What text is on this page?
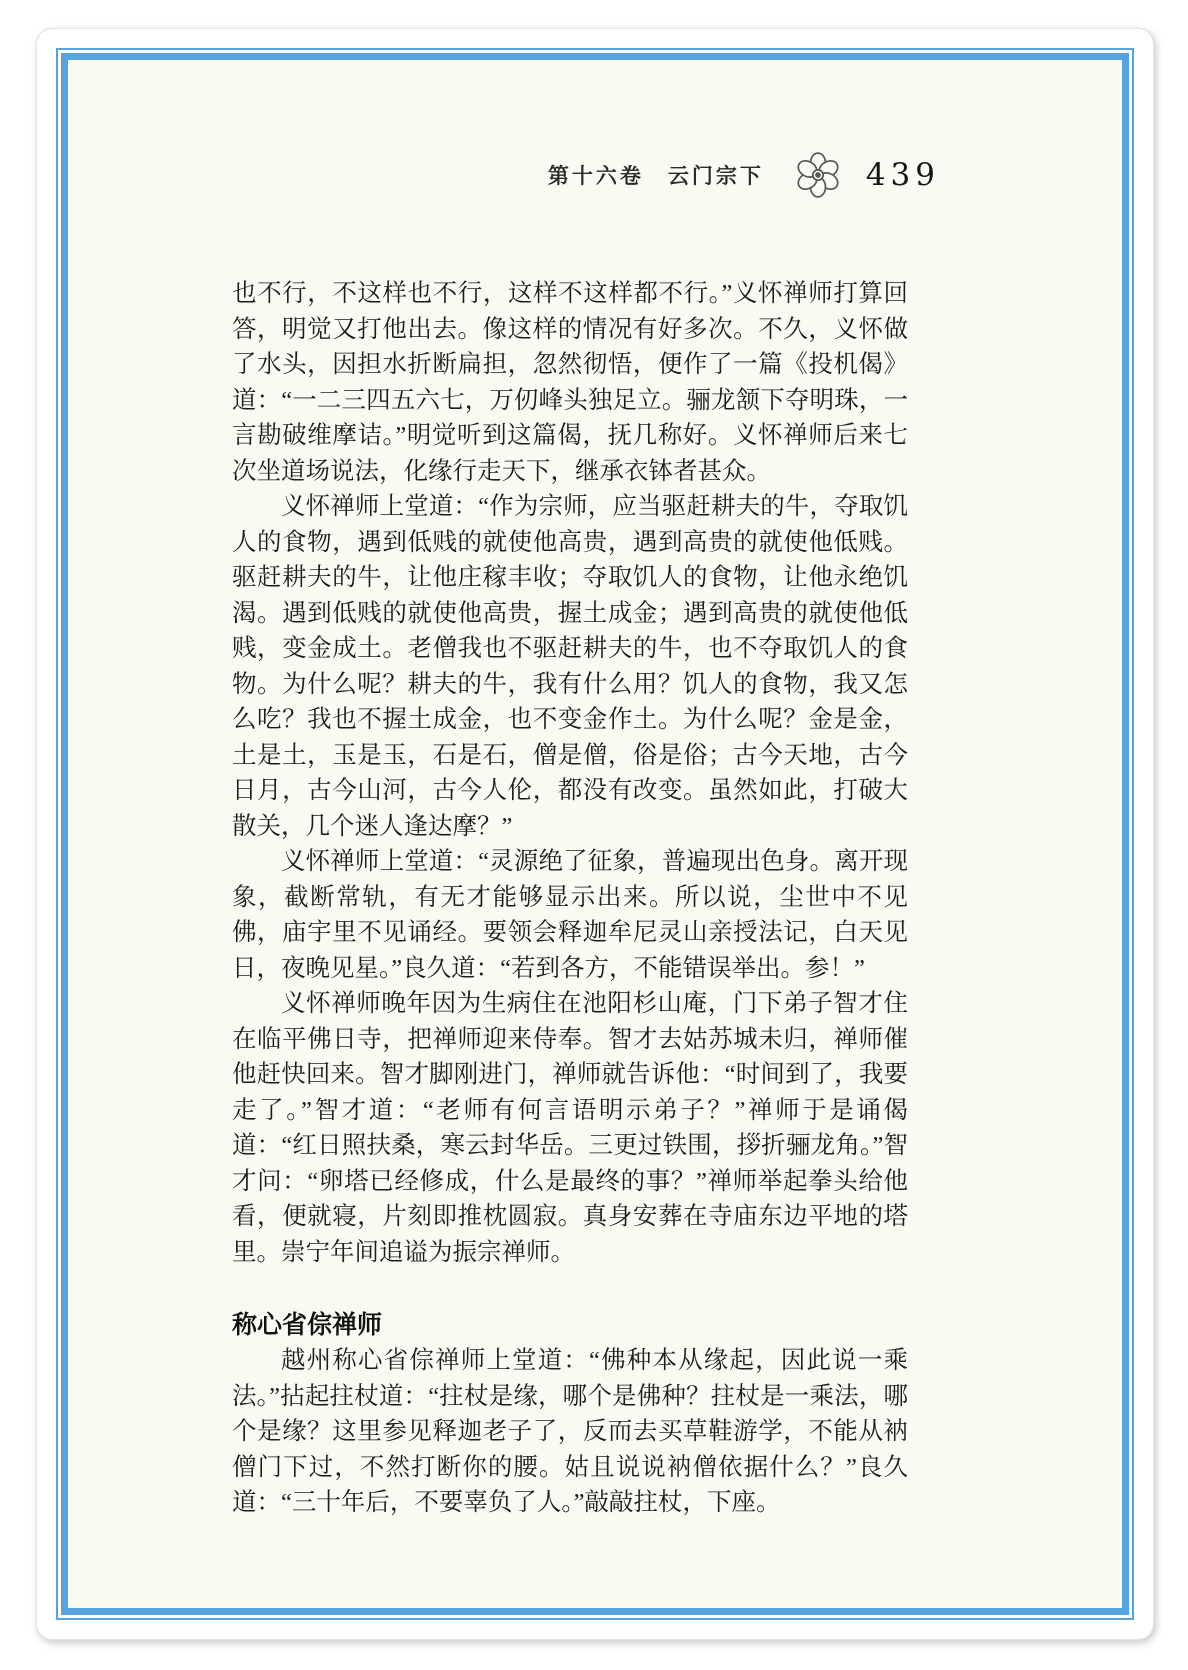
第十六卷 云门宗下	439

也不行，不这样也不行，这样不这样都不行。”义怀禅师打算回答，明觉又打他出去。像这样的情况有好多次。不久，义怀做了水头，因担水折断扁担，忽然彻悟，便作了一篇《投机偈》道：“一二三四五六七，万仞峰头独足立。骊龙颔下夺明珠，一言勘破维摩诘。”明觉听到这篇偈，抚几称好。义怀禅师后来七次坐道场说法，化缘行走天下，继承衣钵者甚众。

义怀禅师上堂道：“作为宗师，应当驱赶耕夫的牛，夺取饥人的食物，遇到低贱的就使他高贵，遇到高贵的就使他低贱。驱赶耕夫的牛，让他庄稼丰收；夺取饥人的食物，让他永绝饥渴。遇到低贱的就使他高贵，握土成金；遇到高贵的就使他低贱，变金成土。老僧我也不驱赶耕夫的牛，也不夺取饥人的食物。为什么呢？耕夫的牛，我有什么用？饥人的食物，我又怎么吃？我也不握土成金，也不变金作土。为什么呢？金是金，土是土，玉是玉，石是石，僧是僧，俗是俗；古今天地，古今日月，古今山河，古今人伦，都没有改变。虽然如此，打破大散关，几个迷人逢达摩？”

义怀禅师上堂道：“灵源绝了征象，普遍现出色身。离开现象，截断常轨，有无才能够显示出来。所以说，尘世中不见佛，庙宇里不见诵经。要领会释迦牟尼灵山亲授法记，白天见日，夜晚见星。”良久道：“若到各方，不能错误举出。参！”

义怀禅师晚年因为生病住在池阳杉山庵，门下弟子智才住在临平佛日寺，把禅师迎来侍奉。智才去姑苏城未归，禅师催他赶快回来。智才脚刚进门，禅师就告诉他：“时间到了，我要走了。”智才道：“老师有何言语明示弟子？”禅师于是诵偈道：“红日照扶桑，寒云封华岳。三更过铁围，拶折骊龙角。”智才问：“卵塔已经修成，什么是最终的事？”禅师举起拳头给他看，便就寝，片刻即推枕圆寂。真身安葬在寺庙东边平地的塔里。崇宁年间追谥为振宗禅师。

称心省倧禅师

越州称心省倧禅师上堂道：“佛种本从缘起，因此说一乘法。”拈起拄杖道：“拄杖是缘，哪个是佛种？拄杖是一乘法，哪个是缘？这里参见释迦老子了，反而去买草鞋游学，不能从衲僧门下过，不然打断你的腰。姑且说说衲僧依据什么？”良久道：“三十年后，不要辜负了人。”敲敲拄杖，下座。
